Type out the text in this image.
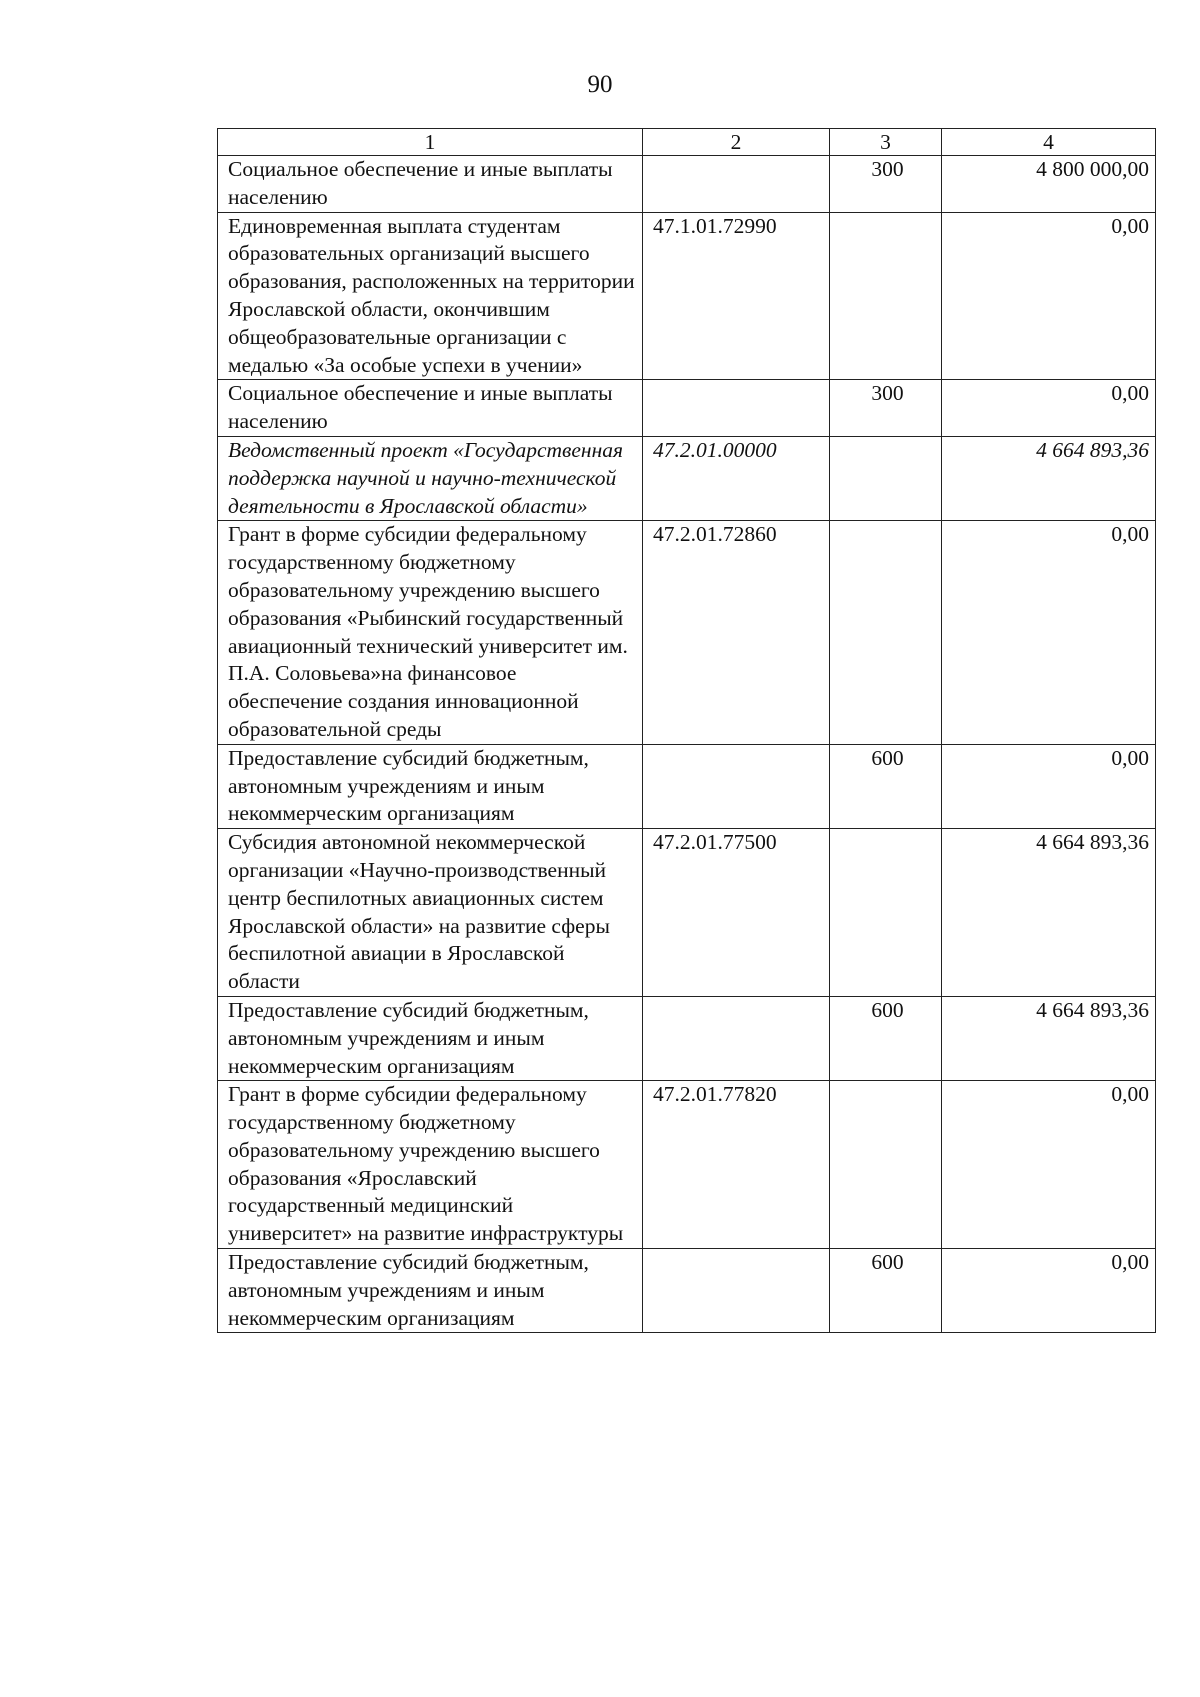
90
1	2	3	4
Социальное обеспечение и иные выплаты населению		300	4 800 000,00
Единовременная выплата студентам образовательных организаций высшего образования, расположенных на территории Ярославской области, окончившим общеобразовательные организации с медалью «За особые успехи в учении»	47.1.01.72990		0,00
Социальное обеспечение и иные выплаты населению		300	0,00
Ведомственный проект «Государственная поддержка научной и научно-технической деятельности в Ярославской области»	47.2.01.00000		4 664 893,36
Грант в форме субсидии федеральному государственному бюджетному образовательному учреждению высшего образования «Рыбинский государственный авиационный технический университет им. П.А. Соловьева»на финансовое обеспечение создания инновационной образовательной среды	47.2.01.72860		0,00
Предоставление субсидий бюджетным, автономным учреждениям и иным некоммерческим организациям		600	0,00
Субсидия автономной некоммерческой организации «Научно-производственный центр беспилотных авиационных систем Ярославской области» на развитие сферы беспилотной авиации в Ярославской области	47.2.01.77500		4 664 893,36
Предоставление субсидий бюджетным, автономным учреждениям и иным некоммерческим организациям		600	4 664 893,36
Грант в форме субсидии федеральному государственному бюджетному образовательному учреждению высшего образования «Ярославский государственный медицинский университет» на развитие инфраструктуры	47.2.01.77820		0,00
Предоставление субсидий бюджетным, автономным учреждениям и иным некоммерческим организациям		600	0,00
